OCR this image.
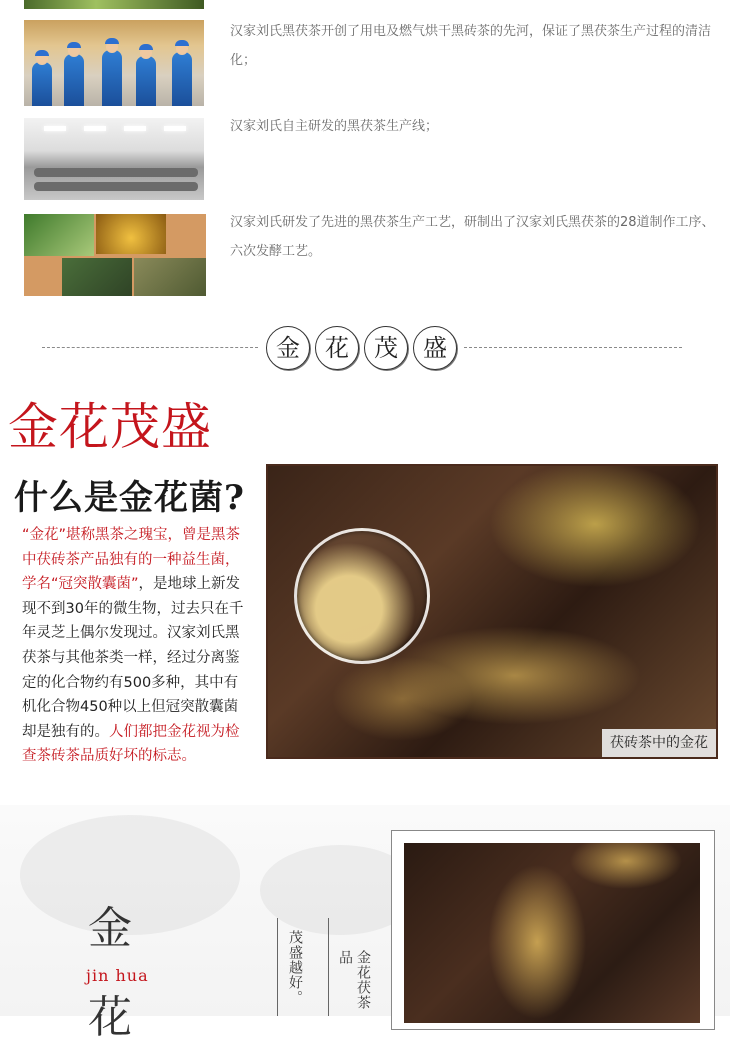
汉家刘氏黑茯茶开创了用电及燃气烘干黑砖茶的先河，保证了黑茯茶生产过程的清洁化；
汉家刘氏自主研发的黑茯茶生产线；
汉家刘氏研发了先进的黑茯茶生产工艺，研制出了汉家刘氏黑茯茶的28道制作工序、六次发酵工艺。
金	花	茂	盛
金花茂盛
什么是金花菌?
“金花”堪称黑茶之瑰宝，曾是黑茶中茯砖茶产品独有的一种益生菌，学名“冠突散囊菌”，是地球上新发现不到30年的微生物，过去只在千年灵芝上偶尔发现过。汉家刘氏黑茯茶与其他茶类一样，经过分离鉴定的化合物约有500多种，其中有机化合物450种以上但冠突散囊菌却是独有的。人们都把金花视为检查茶砖茶品质好坏的标志。
茯砖茶中的金花
金
jin hua
花
茂盛越好。	金花茯茶品
